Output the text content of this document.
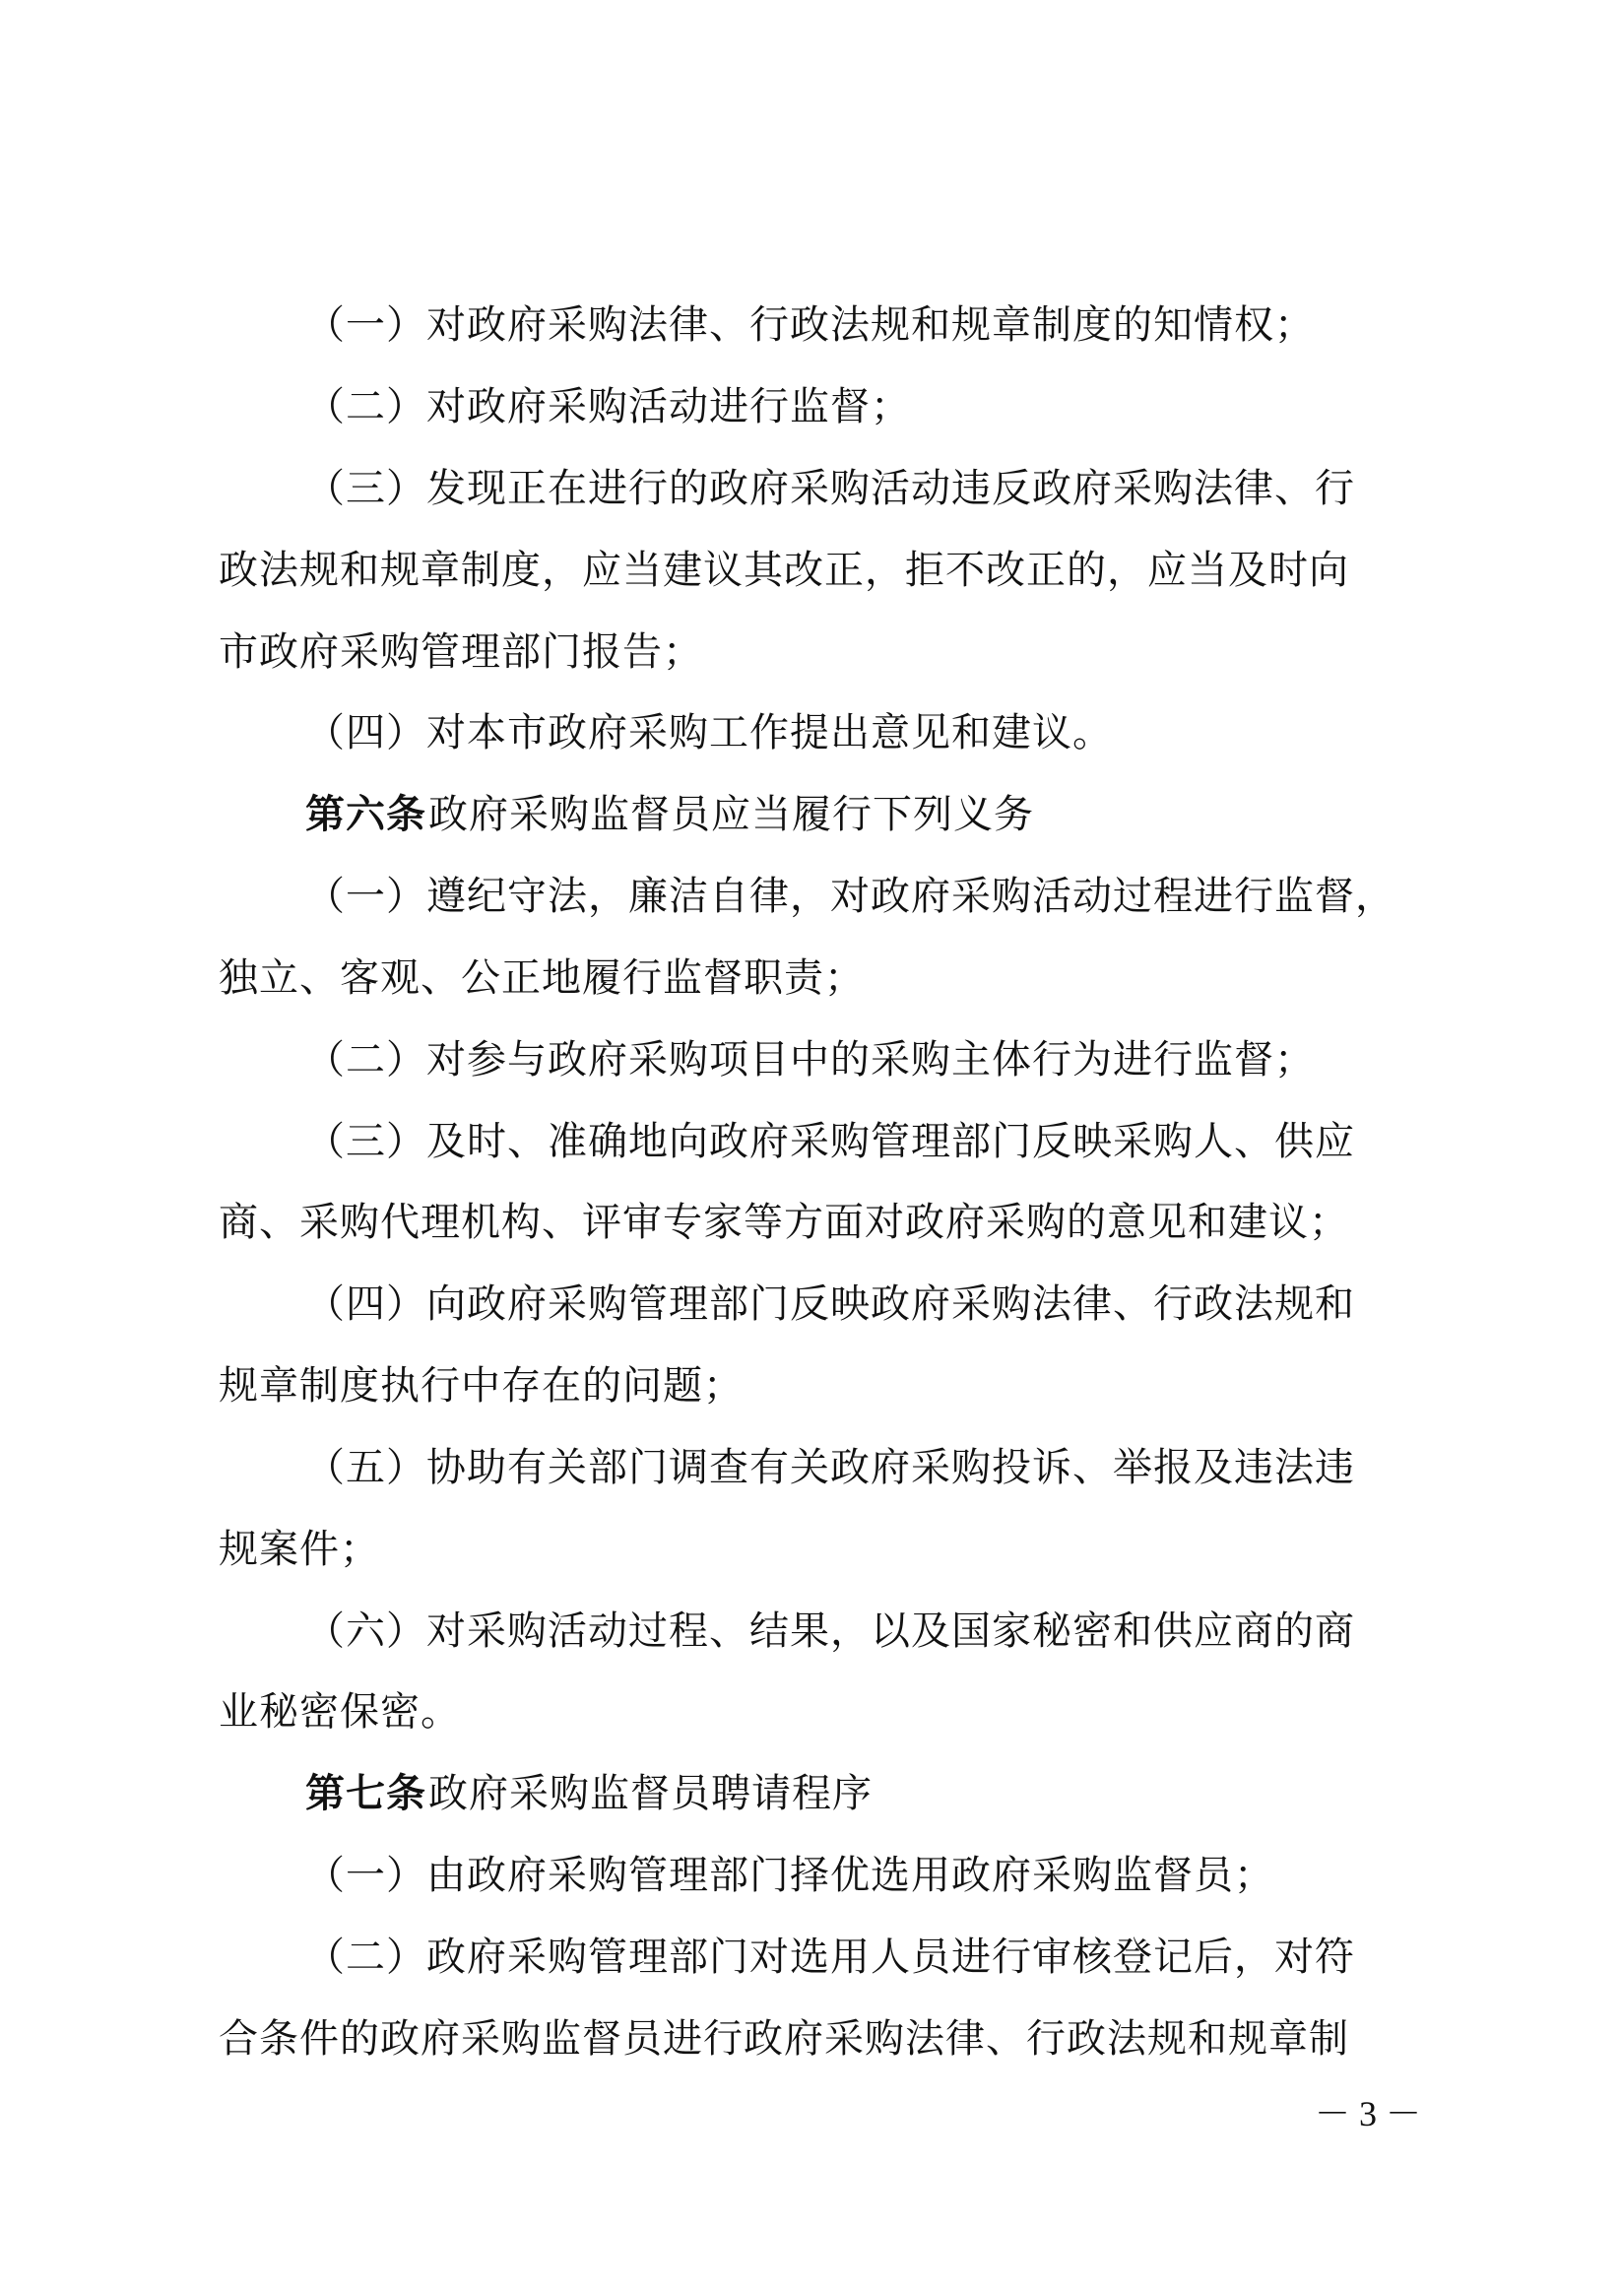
（一）对政府采购法律、行政法规和规章制度的知情权；
（二）对政府采购活动进行监督；
（三）发现正在进行的政府采购活动违反政府采购法律、行
政法规和规章制度，应当建议其改正，拒不改正的，应当及时向
市政府采购管理部门报告；
（四）对本市政府采购工作提出意见和建议。
第六条 政府采购监督员应当履行下列义务
（一）遵纪守法，廉洁自律，对政府采购活动过程进行监督，
独立、客观、公正地履行监督职责；
（二）对参与政府采购项目中的采购主体行为进行监督；
（三）及时、准确地向政府采购管理部门反映采购人、供应
商、采购代理机构、评审专家等方面对政府采购的意见和建议；
（四）向政府采购管理部门反映政府采购法律、行政法规和
规章制度执行中存在的问题；
（五）协助有关部门调查有关政府采购投诉、举报及违法违
规案件；
（六）对采购活动过程、结果，以及国家秘密和供应商的商
业秘密保密。
第七条 政府采购监督员聘请程序
（一）由政府采购管理部门择优选用政府采购监督员；
（二）政府采购管理部门对选用人员进行审核登记后，对符
合条件的政府采购监督员进行政府采购法律、行政法规和规章制
－ 3 －
